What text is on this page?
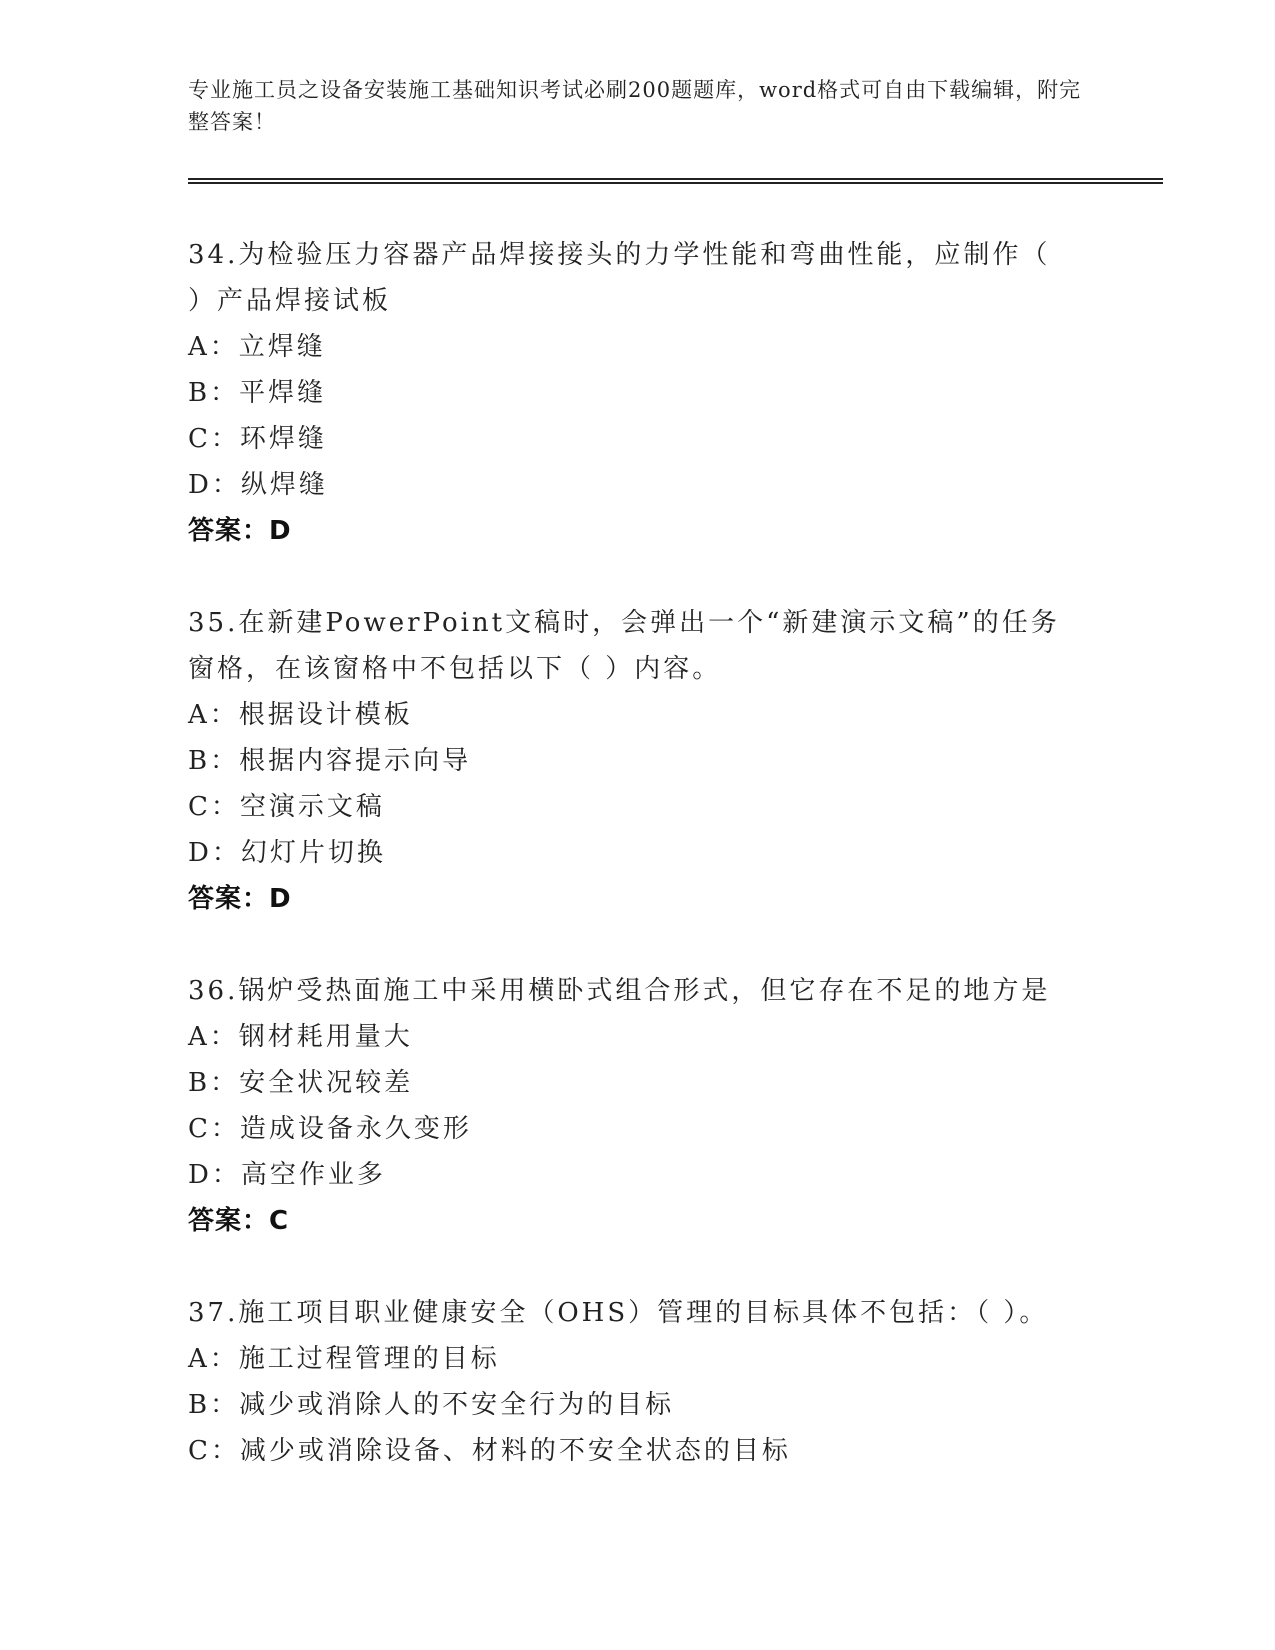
专业施工员之设备安装施工基础知识考试必刷200题题库，word格式可自由下载编辑，附完整答案！
34.为检验压力容器产品焊接接头的力学性能和弯曲性能，应制作（ ）产品焊接试板
A：立焊缝
B：平焊缝
C：环焊缝
D：纵焊缝
答案：D
35.在新建PowerPoint文稿时，会弹出一个“新建演示文稿”的任务窗格，在该窗格中不包括以下（ ）内容。
A：根据设计模板
B：根据内容提示向导
C：空演示文稿
D：幻灯片切换
答案：D
36.锅炉受热面施工中采用横卧式组合形式，但它存在不足的地方是
A：钢材耗用量大
B：安全状况较差
C：造成设备永久变形
D：高空作业多
答案：C
37.施工项目职业健康安全（OHS）管理的目标具体不包括：（ ）。
A：施工过程管理的目标
B：减少或消除人的不安全行为的目标
C：减少或消除设备、材料的不安全状态的目标
